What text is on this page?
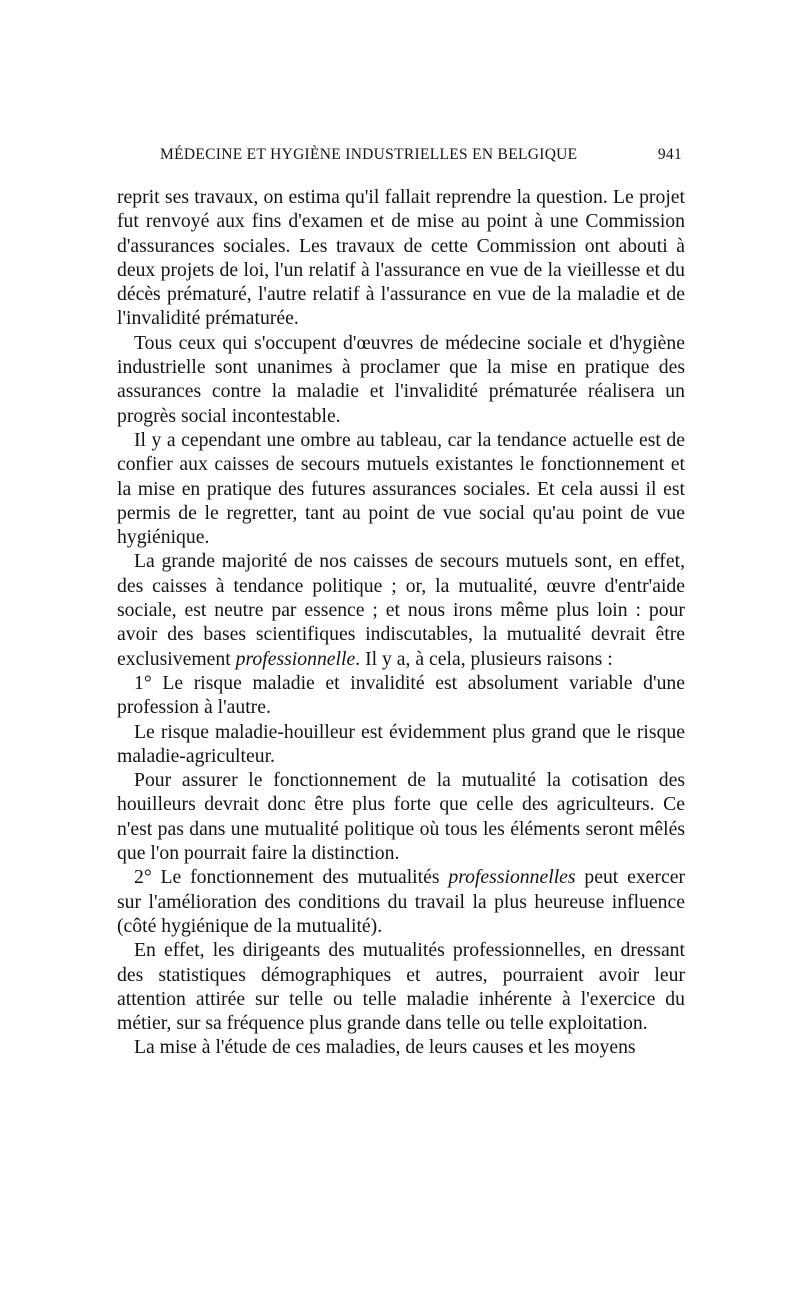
MÉDECINE ET HYGIÈNE INDUSTRIELLES EN BELGIQUE	941

reprit ses travaux, on estima qu'il fallait reprendre la question. Le projet fut renvoyé aux fins d'examen et de mise au point à une Commission d'assurances sociales. Les travaux de cette Commission ont abouti à deux projets de loi, l'un relatif à l'assurance en vue de la vieillesse et du décès prématuré, l'autre relatif à l'assurance en vue de la maladie et de l'invalidité prématurée.

Tous ceux qui s'occupent d'œuvres de médecine sociale et d'hygiène industrielle sont unanimes à proclamer que la mise en pratique des assurances contre la maladie et l'invalidité prématurée réalisera un progrès social incontestable.

Il y a cependant une ombre au tableau, car la tendance actuelle est de confier aux caisses de secours mutuels existantes le fonctionnement et la mise en pratique des futures assurances sociales. Et cela aussi il est permis de le regretter, tant au point de vue social qu'au point de vue hygiénique.

La grande majorité de nos caisses de secours mutuels sont, en effet, des caisses à tendance politique ; or, la mutualité, œuvre d'entr'aide sociale, est neutre par essence ; et nous irons même plus loin : pour avoir des bases scientifiques indiscutables, la mutualité devrait être exclusivement professionnelle. Il y a, à cela, plusieurs raisons :

1° Le risque maladie et invalidité est absolument variable d'une profession à l'autre.

Le risque maladie-houilleur est évidemment plus grand que le risque maladie-agriculteur.

Pour assurer le fonctionnement de la mutualité la cotisation des houilleurs devrait donc être plus forte que celle des agriculteurs. Ce n'est pas dans une mutualité politique où tous les éléments seront mêlés que l'on pourrait faire la distinction.

2° Le fonctionnement des mutualités professionnelles peut exercer sur l'amélioration des conditions du travail la plus heureuse influence (côté hygiénique de la mutualité).

En effet, les dirigeants des mutualités professionnelles, en dressant des statistiques démographiques et autres, pourraient avoir leur attention attirée sur telle ou telle maladie inhérente à l'exercice du métier, sur sa fréquence plus grande dans telle ou telle exploitation.

La mise à l'étude de ces maladies, de leurs causes et les moyens
